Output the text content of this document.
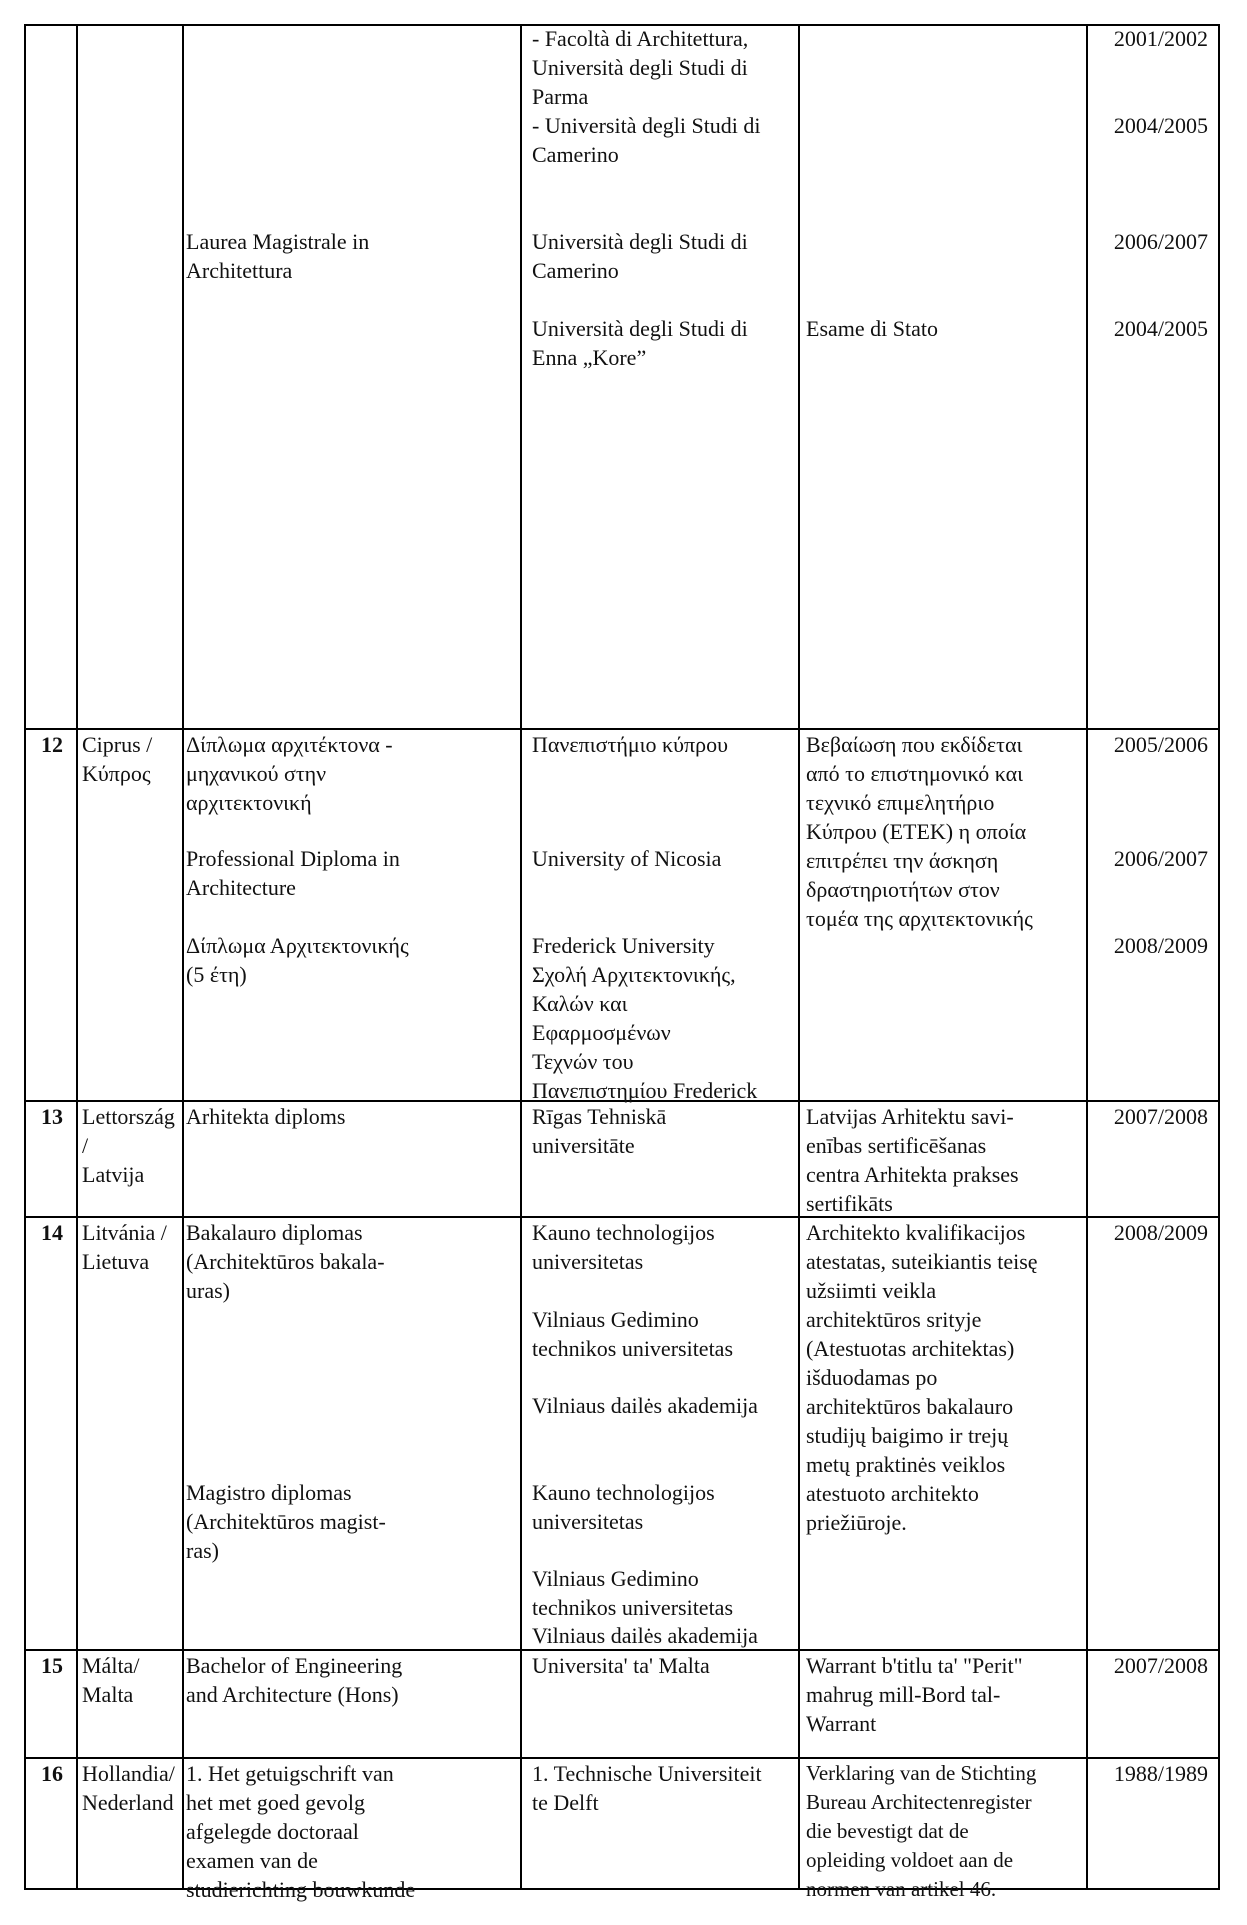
- Facoltà di Architettura,
Università degli Studi di
Parma
- Università degli Studi di
Camerino
Università degli Studi di
Camerino
Università degli Studi di
Enna „Kore”
Laurea Magistrale in
Architettura
Esame di Stato
2001/2002
2004/2005
2006/2007
2004/2005
12 Ciprus /
Κύπρος
Δίπλωμα αρχιτέκτονα -
μηχανικού στην
αρχιτεκτονική
Professional Diploma in
Architecture
Δίπλωμα Αρχιτεκτονικής
(5 έτη)
Πανεπιστήμιο κύπρου
University of Nicosia
Frederick University
Σχολή Αρχιτεκτονικής,
Καλών και
Εφαρμοσμένων
Τεχνών του
Πανεπιστημίου Frederick
Βεβαίωση που εκδίδεται
από το επιστημονικό και
τεχνικό επιμελητήριο
Κύπρου (ΕΤΕΚ) η οποία
επιτρέπει την άσκηση
δραστηριοτήτων στον
τομέα της αρχιτεκτονικής
2005/2006
2006/2007
2008/2009
13 Lettország /
Latvija
Arhitekta diploms	Rīgas Tehniskā
universitāte
Latvijas Arhitektu savi-
enības sertificēšanas
centra Arhitekta prakses
sertifikāts
2007/2008
14 Litvánia /
Lietuva
Bakalauro diplomas
(Architektūros bakala-
uras)
Magistro diplomas
(Architektūros magist-
ras)
Kauno technologijos
universitetas
Vilniaus Gedimino
technikos universitetas
Vilniaus dailės akademija
Kauno technologijos
universitetas
Vilniaus Gedimino
technikos universitetas
Vilniaus dailės akademija
Architekto kvalifikacijos
atestatas, suteikiantis teisę
užsiimti veikla
architektūros srityje
(Atestuotas architektas)
išduodamas po
architektūros bakalauro
studijų baigimo ir trejų
metų praktinės veiklos
atestuoto architekto
priežiūroje.
2008/2009
15 Málta/ Malta
Bachelor of Engineering
and Architecture (Hons)
Universita' ta' Malta	Warrant b'titlu ta' "Perit"
mahrug mill-Bord tal-
Warrant
2007/2008
16 Hollandia/
Nederland
1. Het getuigschrift van
het met goed gevolg
afgelegde doctoraal
examen van de
studierichting bouwkunde
1. Technische Universiteit
te Delft
Verklaring van de Stichting
Bureau Architectenregister
die bevestigt dat de
opleiding voldoet aan de
normen van artikel 46.
1988/1989
